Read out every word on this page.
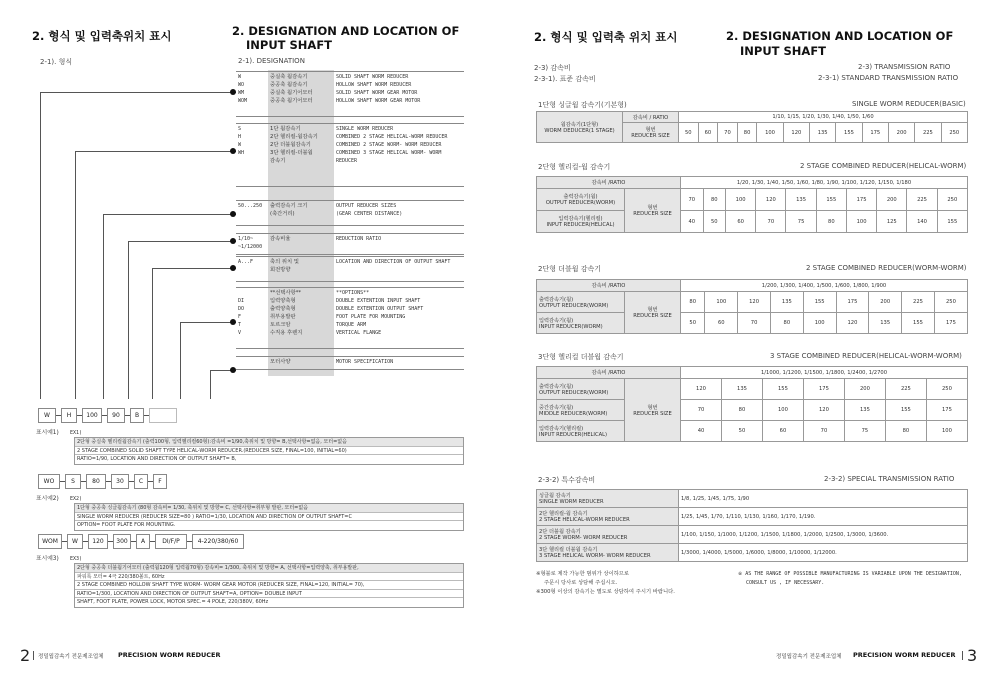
2. 형식 및 입력축위치 표시	2. DESIGNATION AND LOCATION OF
INPUT SHAFT
2-1). 형식	2-1). DESIGNATION
W	중실축 웜감속기	SOLID SHAFT WORM REDUCER
WO	중공축 웜감속기	HOLLOW SHAFT WORM REDUCER
WM	중실축 웜기어모터	SOLID SHAFT WORM GEAR MOTOR
WOM	중공축 웜기어모터	HOLLOW SHAFT WORM GEAR MOTOR
S	1단 웜감속기	SINGLE WORM REDUCER
H	2단 헬리컬-웜감속기	COMBINED 2 STAGE HELICAL-WORM REDUCER
W	2단 더블웜감속기	COMBINED 2 STAGE WORM- WORM REDUCER
WH	3단 헬리컬-더블웜	COMBINED 3 STAGE HELICAL WORM- WORM
감속기	REDUCER
50...250 출력감속기 크기	OUTPUT REDUCER SIZES
(축간거리)	(GEAR CENTER DISTANCE)
1/10~	감속비율	REDUCTION RATIO
~1/12000
A...F	축의 위치 및	LOCATION AND DIRECTION OF OUTPUT SHAFT
회전방향
**선택사항**	**OPTIONS**
DI	입력양축형	DOUBLE EXTENTION INPUT SHAFT
DO	출력양축형	DOUBLE EXTENTION OUTPUT SHAFT
F	취부용발판	FOOT PLATE FOR MOUNTING
T	토르크암	TORQUE ARM
V	수직용 후렌지	VERTICAL FLANGE
모터사양	MOTOR SPECIFICATION
W	H	100	90	B
표시예1) EX1)
2단형 중실축 헬리컬웜감속기 (출력100형, 입력헬리컬60형):감속비 =1/90,축위치 및 방향= B,선택사항=없음, 모터=없음
2 STAGE COMBINED SOLID SHAFT TYPE HELICAL-WORM REDUCER.(REDUCER SIZE, FINAL=100, INITIAL=60)
RATIO=1/90, LOCATION AND DIRECTION OF OUTPUT SHAFT= B,
WO	S	80	30	C	F
표시예2) EX2)
1단형 중공축 싱글웜감속기 (80형 감속비= 1/30, 축위치 및 방향= C, 선택사항=취부형 발판, 모터=없음
SINGLE WORM REDUCER (REDUCER SIZE=80 ) RATIO=1/30, LOCATION AND DIRECTION OF OUTPUT SHAFT=C
OPTION= FOOT PLATE FOR MOUNTING.
WOM	W	120	300	A	DI/F/P	4-220/380/60
표시예3) EX3)
2단형 중공축 더블웜기어모터 (출력웜120형 입력웜70형) 감속비= 1/300, 축위치 및 방향= A, 선택사항=입력양축, 취부용발판,
파워록 모터= 4극 220/380볼트, 60Hz
2 STAGE COMBINED HOLLOW SHAFT TYPE WORM- WORM GEAR MOTOR (REDUCER SIZE, FINAL=120, INITIAL= 70),
RATIO=1/300, LOCATION AND DIRECTION OF OUTPUT SHAFT=A, OPTION= DOUBLE INPUT
SHAFT, FOOT PLATE, POWER LOCK, MOTOR SPEC.= 4 POLE, 220/380V, 60Hz
2 정밀웜감속기 전문제조업체 PRECISION WORM REDUCER
2. 형식 및 입력축 위치 표시	2. DESIGNATION AND LOCATION OF
INPUT SHAFT
2-3) 감속비	2-3) TRANSMISSION RATIO
2-3-1). 표준 감속비	2-3-1) STANDARD TRANSMISSION RATIO
1단형 싱글웜 감속기(기본형)	SINGLE WORM REDUCER(BASIC)
웜감속기(1단형)
WORM DEDUCER(1 STAGE)	감속비 / RATIO	1/10, 1/15, 1/20, 1/30, 1/40, 1/50, 1/60											
	형번
REDUCER SIZE	50	60	70	80	100	120	135	155	175	200	225	250
2단형 헬리컬-웜 감속기	2 STAGE COMBINED REDUCER(HELICAL-WORM)
감속비 /RATIO		1/20, 1/30, 1/40, 1/50, 1/60, 1/80, 1/90, 1/100, 1/120, 1/150, 1/180									
출력감속기(웜)
OUTPUT REDUCER(WORM)	형번
REDUCER SIZE	70	80	100	120	135	155	175	200	225	250
입력감속기(헬리컬)
INPUT REDUCER(HELICAL)		40	50	60	70	75	80	100	125	140	155
2단형 더블웜 감속기	2 STAGE COMBINED REDUCER(WORM-WORM)
감속비 /RATIO		1/200, 1/300, 1/400, 1/500, 1/600, 1/800, 1/900								
출력감속기(웜)
OUTPUT REDUCER(WORM)	형번
REDUCER SIZE	80	100	120	135	155	175	200	225	250
입력감속기(웜)
INPUT REDUCER(WORM)		50	60	70	80	100	120	135	155	175
3단형 헬리컬 더블웜 감속기	3 STAGE COMBINED REDUCER(HELICAL-WORM-WORM)
감속비 /RATIO		1/1000, 1/1200, 1/1500, 1/1800, 1/2400, 1/2700						
출력감속기(웜)
OUTPUT REDUCER(WORM)	형번
REDUCER SIZE	120	135	155	175	200	225	250
중간감속기(웜)
MIDDLE REDUCER(WORM)		70	80	100	120	135	155	175
입력감속기(헬리컬)
INPUT REDUCER(HELICAL)		40	50	60	70	75	80	100
2-3-2) 특수감속비	2-3-2) SPECIAL TRANSMISSION RATIO
싱글웜 감속기
SINGLE WORM REDUCER	1/8, 1/25, 1/45, 1/75, 1/90
2단 헬리컬-웜 감속기
2 STAGE HELICAL-WORM REDUCER	1/25, 1/45, 1/70, 1/110, 1/130, 1/160, 1/170, 1/190.
2단 더블웜 감속기
2 STAGE WORM- WORM REDUCER	1/100, 1/150, 1/1000, 1/1200, 1/1500, 1/1800, 1/2000, 1/2500, 1/3000, 1/3600.
3단 헬리컬 더블웜 감속기
3 STAGE HELICAL WORM- WORM REDUCER	1/3000, 1/4000, 1/5000, 1/6000, 1/8000, 1/10000, 1/12000.
※형블로 제작 가능한 범위가 상이하므로
주문시 당사로 상담해 주십시오.
※300형 이상의 감속기는 별도로 상담하여 주시기 바랍니다.
※ AS THE RANGE OF POSSIBLE MANUFACTURING IS VARIABLE UPON THE DESIGNATION,
CONSULT US , IF NECESSARY.
정밀웜감속기 전문제조업체 PRECISION WORM REDUCER 3
